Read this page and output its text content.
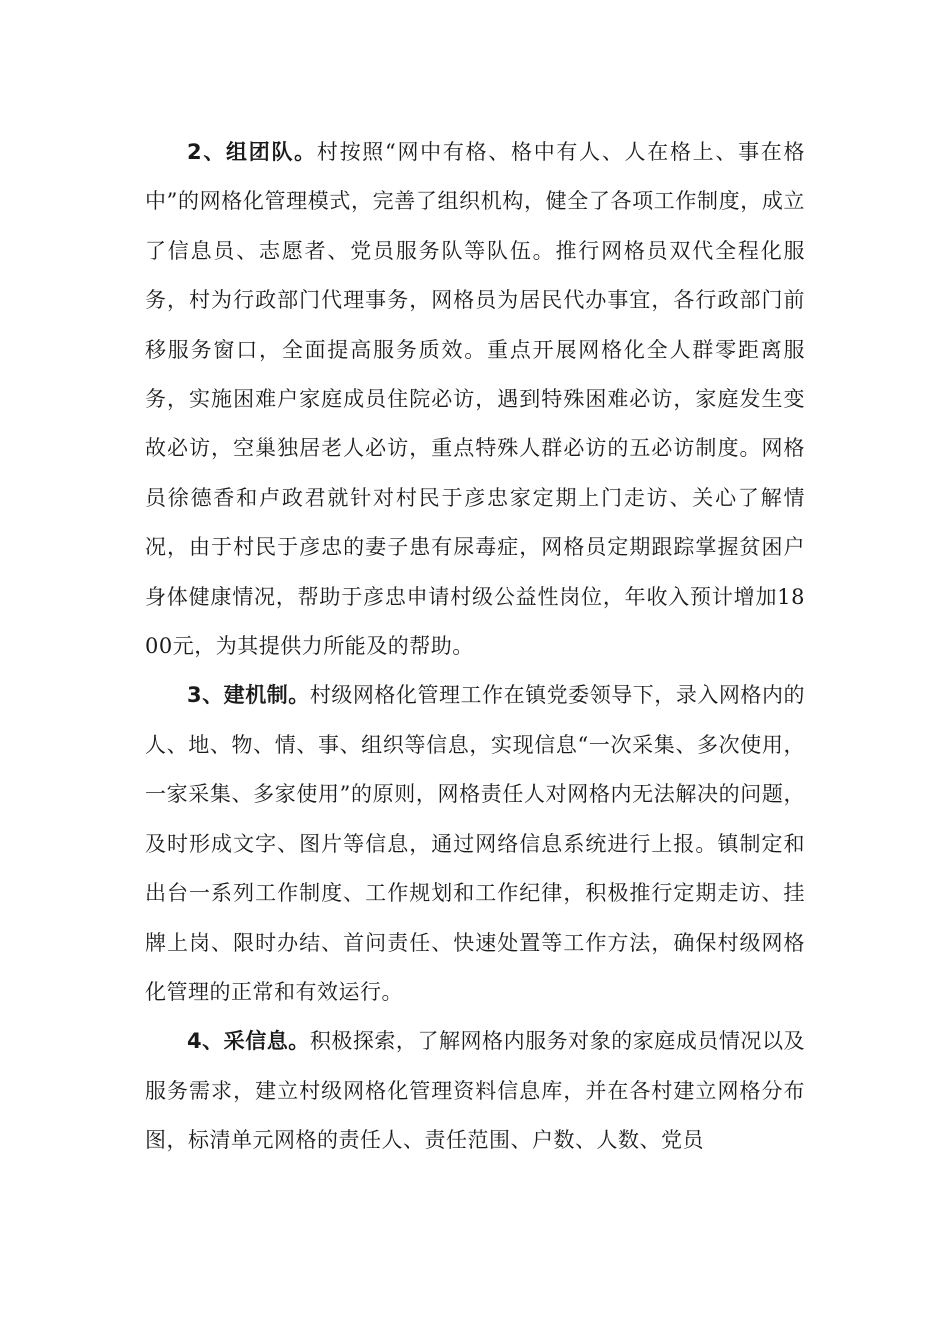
2、组团队。村按照“网中有格、格中有人、人在格上、事在格中”的网格化管理模式，完善了组织机构，健全了各项工作制度，成立了信息员、志愿者、党员服务队等队伍。推行网格员双代全程化服务，村为行政部门代理事务，网格员为居民代办事宜，各行政部门前移服务窗口，全面提高服务质效。重点开展网格化全人群零距离服务，实施困难户家庭成员住院必访，遇到特殊困难必访，家庭发生变故必访，空巢独居老人必访，重点特殊人群必访的五必访制度。网格员徐德香和卢政君就针对村民于彦忠家定期上门走访、关心了解情况，由于村民于彦忠的妻子患有尿毒症，网格员定期跟踪掌握贫困户身体健康情况，帮助于彦忠申请村级公益性岗位，年收入预计增加1800元，为其提供力所能及的帮助。

3、建机制。村级网格化管理工作在镇党委领导下，录入网格内的人、地、物、情、事、组织等信息，实现信息“一次采集、多次使用，一家采集、多家使用”的原则，网格责任人对网格内无法解决的问题，及时形成文字、图片等信息，通过网络信息系统进行上报。镇制定和出台一系列工作制度、工作规划和工作纪律，积极推行定期走访、挂牌上岗、限时办结、首问责任、快速处置等工作方法，确保村级网格化管理的正常和有效运行。

4、采信息。积极探索，了解网格内服务对象的家庭成员情况以及服务需求，建立村级网格化管理资料信息库，并在各村建立网格分布图，标清单元网格的责任人、责任范围、户数、人数、党员
